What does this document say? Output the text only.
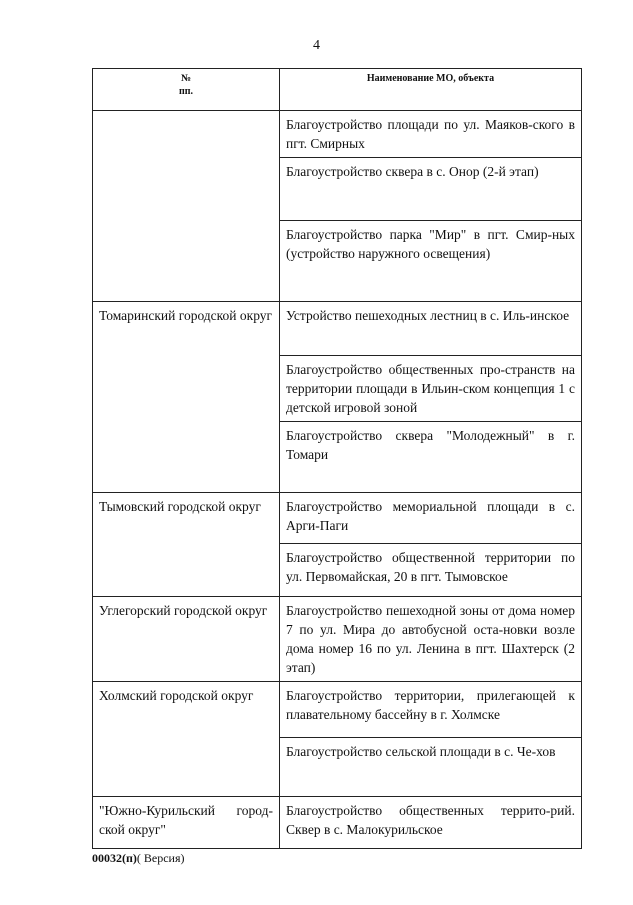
4
№
пп.	Наименование МО, объекта
	Благоустройство площади по ул. Маяков-ского в пгт. Смирных
	Благоустройство сквера в с. Онор (2-й этап)
	Благоустройство парка "Мир" в пгт. Смир-ных (устройство наружного освещения)
Томаринский городской округ	Устройство пешеходных лестниц в с. Иль-инское
	Благоустройство общественных про-странств на территории площади в Ильин-ском концепция 1 с детской игровой зоной
	Благоустройство сквера "Молодежный" в г. Томари
Тымовский городской округ	Благоустройство мемориальной площади в с. Арги-Паги
	Благоустройство общественной территории по ул. Первомайская, 20 в пгт. Тымовское
Углегорский городской округ	Благоустройство пешеходной зоны от дома номер 7 по ул. Мира до автобусной оста-новки возле дома номер 16 по ул. Ленина в пгт. Шахтерск (2 этап)
Холмский городской округ	Благоустройство территории, прилегающей к плавательному бассейну в г. Холмске
	Благоустройство сельской площади в с. Че-хов
"Южно-Курильский город-ской округ"	Благоустройство общественных террито-рий. Сквер в с. Малокурильское
00032(п)( Версия)
